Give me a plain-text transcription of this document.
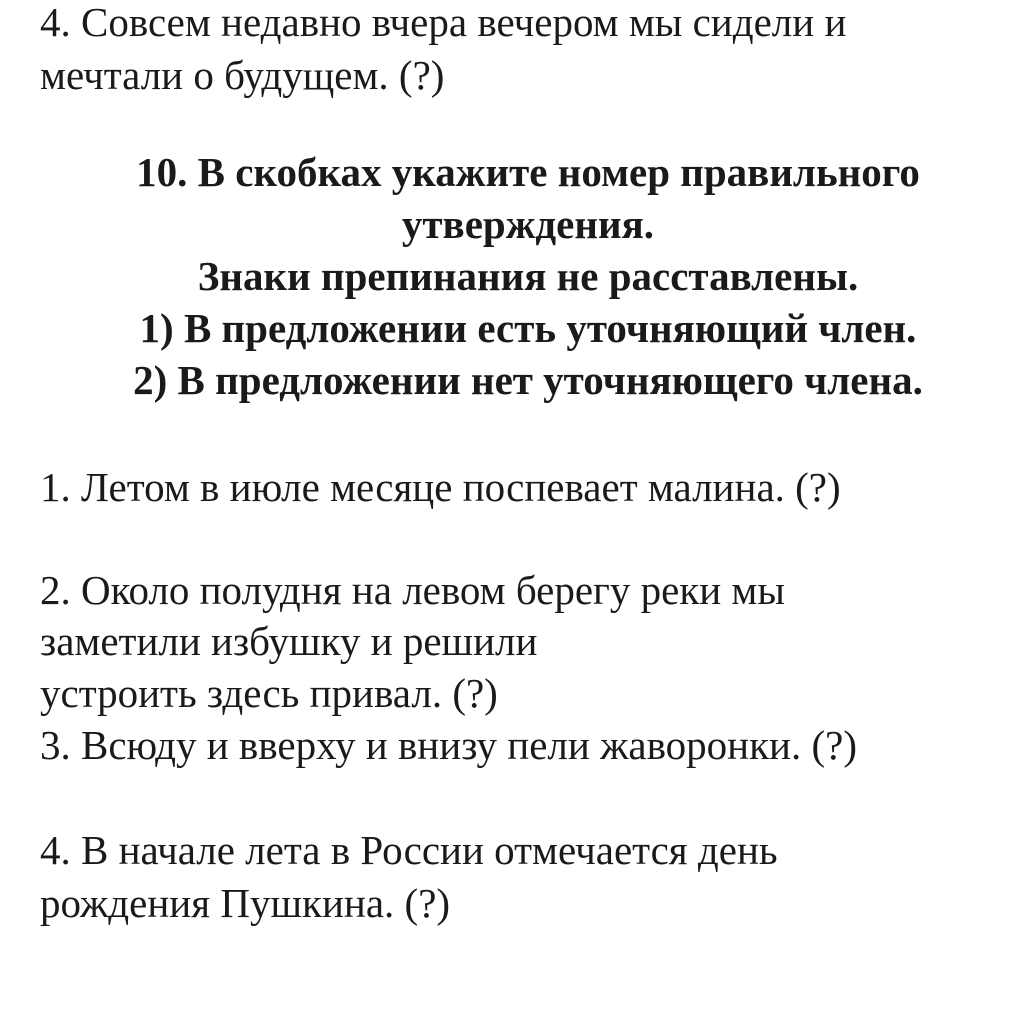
4. Совсем недавно вчера вечером мы сидели и
мечтали о будущем. (?)
10. В скобках укажите номер правильного
утверждения.
Знаки препинания не расставлены.
1) В предложении есть уточняющий член.
2) В предложении нет уточняющего члена.
1. Летом в июле месяце поспевает малина. (?)
2. Около полудня на левом берегу реки мы
заметили избушку и решили
устроить здесь привал. (?)
3. Всюду и вверху и внизу пели жаворонки. (?)
4. В начале лета в России отмечается день
рождения Пушкина. (?)
